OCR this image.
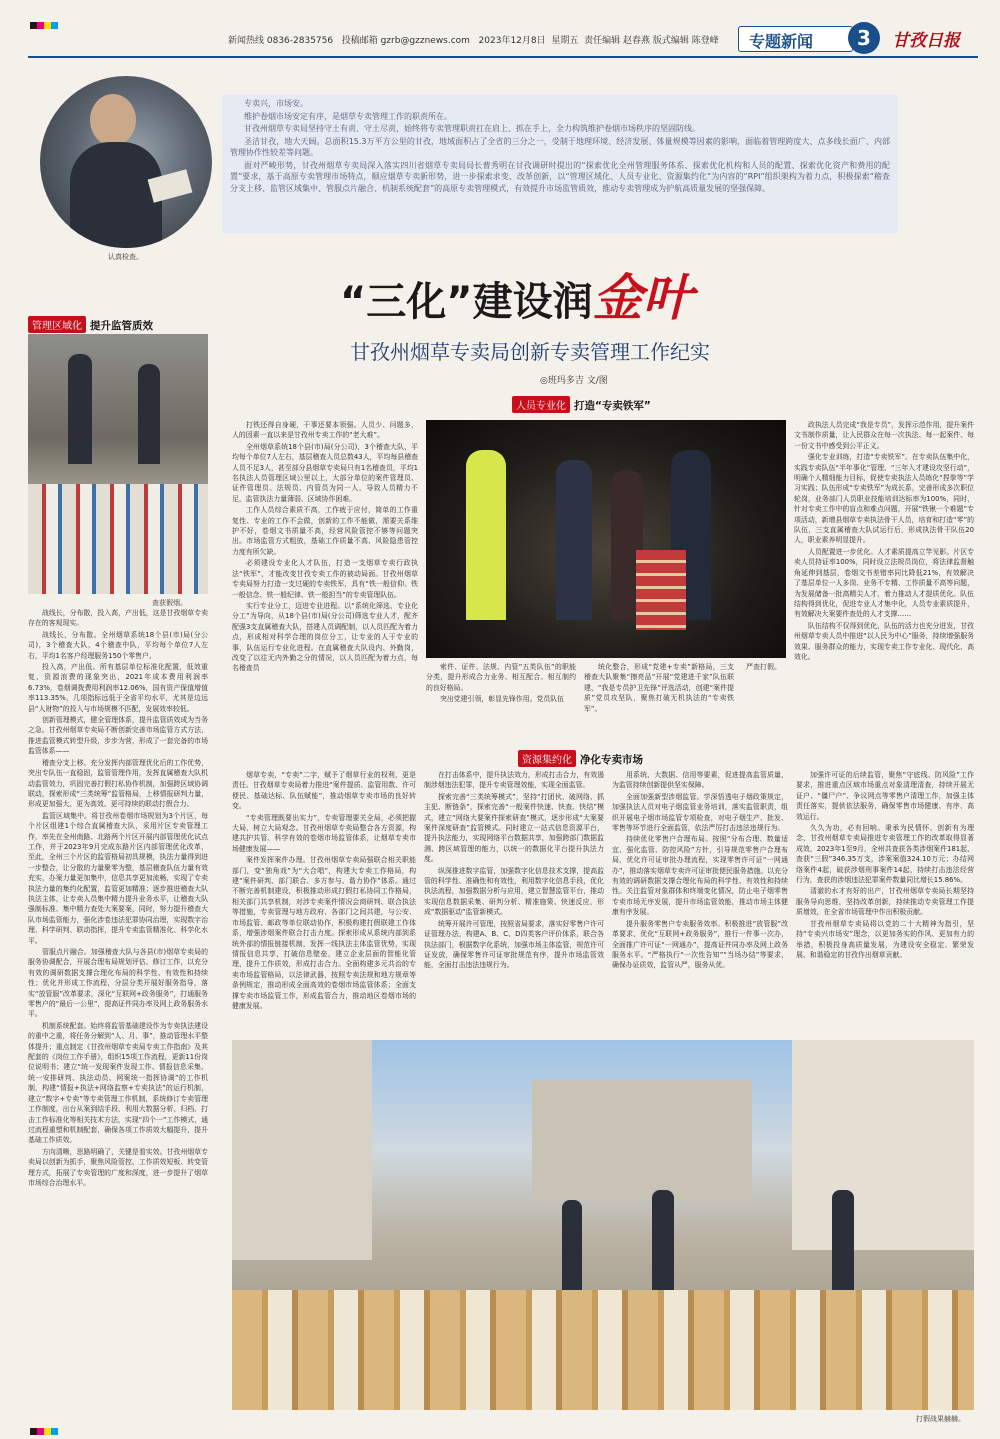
新闻热线 0836-2835756 投稿邮箱 gzrb@gzznews.com 2023年12月8日 星期五 责任编辑 赵春燕 版式编辑 陈登峰 专题新闻	3	甘孜日报
认真检查。

专卖兴，市场安。

维护卷烟市场安定有序，是烟草专卖管理工作的职责所在。

甘孜州烟草专卖局坚持守土有责、守土尽责，始终将专卖管理职责扛在肩上、抓在手上，全力构筑维护卷烟市场秩序的坚固防线。

圣洁甘孜，地大天阔。总面积15.3万平方公里的甘孜，地域面积占了全省的三分之一，受制于地理环境、经济发展、体量规模等因素的影响，面临着管理跨度大、点多线长面广、内部管理协作性较差等问题。

面对严峻形势，甘孜州烟草专卖局深入落实四川省烟草专卖局局长曹秀明在甘孜调研时提出的“探索优化全州管理服务体系、探索优化机构和人员的配置、探索优化资产和费用的配置”要求，基于高原专卖管理市场特点，顺应烟草专卖新形势，进一步探索求变、改革创新，以“管理区域化、人员专业化、资源集约化”为内容的“RPI”组织架构为着力点，积极探索“稽查分支上移、监管区域集中、管服点片融合、机制系统配套”的高原专卖管理模式，有效提升市场监管质效，推动专卖管理成为护航高质量发展的坚强保障。

“三化”建设润金叶
甘孜州烟草专卖局创新专卖管理工作纪实
◎班玛多吉 文/图
管理区域化 提升监管质效
查获假烟。

战线长，分布散，投入高，产出低，这是甘孜烟草专卖存在的客观现实。

战线长，分布散。全州烟草系统18个县(市)局(分公司)，3个稽查大队，4个稽查中队，平均每个单位7人左右，平均1名客户经理服务150个零售户。

投入高，产出低。所有基层单位标准化配置，低效重复、资源浪费的现象突出，2021年成本费用利润率6.73%，卷烟调拨费用利润率12.06%，国有资产保值增值率113.35%，几项指标远低于全省平均水平，尤其是边远县“人财物”的投入与市场规模不匹配，发展效率较低。

创新管理模式，健全管理体系，提升监管质效成为当务之急。甘孜州烟草专卖局不断创新完善市场监管方式方法，推进监管模式转型升级，步步为营，形成了一套完备的市场监管体系——

稽查分支上移。充分发挥内部管理优化后的工作优势，突出专队伍一直稳固，监管管理作用，发挥直属稽查大队机动监管效力，巩固完善打假打私协作机制，加强跨区域协调联动，探索形成“三类统筹”监管格局，上移情报研判力量，形成更加强大、更为高效、更可持续的联动打假合力。

监管区域集中。将甘孜州卷烟市场规划为3个片区，每个片区组建1个综合直属稽查大队，采用片区专卖管理工作，率先在全州南路、北路两个片区开展内部管理优化试点工作，并于2023年9月完成东路片区内部管理优化改革，至此，全州三个片区的监管格局初具规模，执法力量得到进一步整合，让分散的力量聚零为整，基层稽查队伍力量有效充实，办案力量更加集中，信息共享更加流畅，实现了专卖执法力量的集约化配置，监管更加精准；逐步推进稽查大队执法主体，让专卖人员集中精力提升业务水平，让稽查大队强制标准、集中精力查处大案要案，同时，努力提升稽查大队市场监管能力，强化涉卷违法犯罪协同治理，实现数字治理、科学研判、联动指挥，提升专卖监管精准化、科学化水平。

管服点片融合。加强稽查大队与各县(市)烟草专卖局的服务协调配合，开展合理布局规划评估、修订工作，以充分有效的调研数据支撑合理化布局的科学性、有效性和持续性；优化并形成工作流程，分层分类开展好服务指导，落实“放管服”改革要求，深化“互联网+政务服务”，打通服务零售户的“最后一公里”，提高证件同办率及网上政务服务水平。

机制系统配套。始终将监管基础建设作为专卖执法建设的重中之重，将任务分解到“人、月、事”，推动管理水平整体提升；重点制定《甘孜州烟草专卖局专卖工作指南》及其配套的《岗位工作手册》，组织15项工作流程，更新11份岗位说明书；建立“统一发现案件发现工作、情报信息采集、统一安排研判、执法动员、网案统一指挥协调”的工作机制，构建“情报+执法+网络监察+专卖执法”的运行机制，建立“数字+专卖”等专卖管理工作机制，系统修订专卖管理工作制度，出台从案到结手段、利用大数据分析、归档、打击工作标准化等相关技术方法，实现“四个一”工作模式，通过流程重塑和机制配套，确保各项工作质效大幅提升，提升基础工作质效。

方向清晰，思路明确了，关键是看实效。甘孜州烟草专卖局以创新为抓手，聚焦风险管控、工作质效短板、转变管理方式，拓展了专卖管理的广度和深度，进一步提升了烟草市场综合治理水平。

人员专业化 打造“专卖铁军”

打铁还得自身硬，干事还要本领强。人员少、问题多，人的因素一直以来是甘孜州专卖工作的“老大难”。

全州烟草系统18个县(市)局(分公司)，3个稽查大队，平均每个单位7人左右，基层稽查人员总数43人，平均每县稽查人员不足3人，甚至部分县烟草专卖局只有1名稽查员，平均1名执法人员管理区域公里以上，大部分单位的案件管理员、证件管理员、法规员、内管员为同一人，导致人员精力不足，监管执法力量薄弱、区域协作困难。

工作人员综合素质不高，工作疲于应付，简单的工作重复性、专业的工作不会做，创新的工作不能做，需要关系维护不好，卷烟文书质量不高，经营风险管控不够等问题突出。市场监管方式粗放，基础工作质量不高、风险隐患管控力度有所欠缺。

必须建设专业化人才队伍，打造一支烟草专卖行政执法“铁军”，才能改变甘孜专卖工作的被动局面。甘孜州烟草专卖局努力打造一支过硬的专卖铁军，具有“铁一般信仰、铁一般信念、铁一般纪律、铁一般担当”的专卖管理队伍。

实行专业分工，迈进专业进程。以“系统化筛选、专业化分工”为导向，从18个县(市)局(分公司)筛选专业人才，配齐配强3支直属稽查大队，搭建人员调配制，以人员匹配为着力点，形成相对科学合理的岗位分工，让专业的人干专业的事，队伍运行专业化进程。在直属稽查大队设内、外勤岗，改变了以往无内外勤之分的情况，以人员匹配为着力点，每名稽查员	严查打假。

索件、证件、法规、内管”五类队伍”的职能分类，提升形成合力业务、相互配合、相互制约的良好格局。

突出党建引领，彰显先锋作用。党员队伍

统化整合，形成“党建+专卖”新格局，三支稽查大队聚集“擦亮品”开展“党建进千家”队伍联建，“我是专员护卫先锋”评选活动，创建“案件提质”党员攻坚队，聚焦打破无机执法的“专卖铁军”。

政执法人员完成“我是专员”，发挥示范作用，提升案件文书制作质量，让人民群众在每一次执法、每一起案件、每一份文书中感受到公平正义。

强化专业训练，打造“专卖铁军”。在专卖队伍集中化，实践专卖队伍“半年事化”管理、“三年入才建设攻坚行动”，明确个人精细能力目标，促使专卖执法人员练化“捏拳等”学习实践；队伍形成“专卖铁军”为成长系，完善形成多次职位轮岗，业务部门人员职业技能培训达标率为100%，同时，针对专卖工作中的盲点和难点问题，开展“铁锹一个难题”专项活动，新增县烟草专卖执法骨干人员，培育和打造“零”的队伍，三支直属稽查大队试运行后，形成执法骨干队伍20人，职业素养明显提升。

人员配置进一步优化。人才素质提高立竿见影。片区专卖人员持证率100%，同时设立法规员岗位，将法律监督触角延伸到基层，卷烟文书差错率同比降低21%，有效解决了基层单位一人多岗、业务不专精、工作质量不高等问题，为发展储备一批高精尖人才，着力推动人才提质优化。队伍结构得到优化，促进专业人才集中化，人员专业素质提升，有效解决大案要件查处的人才支撑……

队伍结构不仅得到优化，队伍的活力也充分迸发，甘孜州烟草专卖人员中推进“以人民为中心”服务，持续增强服务效果、服务群众的能力，实现专卖工作专业化、现代化、高效化。

资源集约化 净化专卖市场

烟草专卖，“专卖”二字，赋予了烟草行业的权利，更是责任。甘孜烟草专卖局着力推进“案件提质、监管用数、许可便民、基础达标、队伍赋能”，推动烟草专卖市场的良好转变。

“专卖管理既要出实力”，专卖管理要关全局，必须把握大局，树立大局观念。甘孜州烟草专卖局整合各方资源，构建共护共管、科学有效的卷烟市场监管体系，让烟草专卖市场健康发展——

案件发挥案件办理。甘孜州烟草专卖局强联合相关职能部门，变“独角戏”为“大合唱”，构建大专卖工作格局，构建“案件研判、部门联合、多方参与、谐力协作”体系。通过不断完善机制建设，积极推动形成打假打私协同工作格局，相关部门共享机制，对涉专卖案件情况会商研判、联合执法等措施，专卖管理与地方政府、各部门之间共建，与公安、市场监管、邮政等单位联动协作，积极构建打假联建工作体系，增强涉烟案件联合打击力度。探索形成从系统内部到系统外部的情报链接机制，发挥一线执法主体监管优势，实现情报信息共享，打破信息壁垒，建立企业层面的智能化管理，提升工作质效，形成打击合力。全面构建多元共治的专卖市场监管格局，以法律武器，按照专卖法规和地方规章等条例规定，推动形成全面高效的卷烟市场监管体系；全面支撑专卖市场监管工作，形成监管合力，推动地区卷烟市场的健康发展。

在打击体系中，提升执法效力，形成打击合力，有效遏制涉烟违法犯罪，提升专卖管理效能，实现全面监管。

探索完善“三类统筹模式”，坚持“打团伙、破网络、抓主犯、断链条”，探索完善“一般案件快速、快查、快结”模式，建立“网络大要案件探索研查”模式，逐步形成“大案要案件深度研查”监管模式。同时建立一站式信息资源平台，提升执法能力，实现网络平台数据共享，加强跨部门数据监测、跨区域管理的能力，以统一的数据化平台提升执法力度。

纵深推进数字监管，加强数字化信息技术支撑，提高监管的科学性、准确性和有效性，利用数字化信息手段，优化执法流程，加强数据分析与应用，建立智慧监管平台，推动实现信息数据采集、研判分析、精准施策、快速反应，形成“数据驱动”监管新模式。

统筹开展许可管理，按照省局要求，落实好零售户许可证管理办法，构建A、B、C、D四类客户评价体系，联合各执法部门，根据数字化系统，加强市场主体监管，规范许可证发放，确保零售许可证审批规范有序，提升市场监管效能，全面打击违法违规行为。

用系统、大数据、信用等要素，促进提高监管质量，为监管持续创新提供坚实保障。

全面加强新型涉烟监管。学深悟透电子烟政策规定，加强执法人员对电子烟监管业务培训，落实监管职责，组织开展电子烟市场监管专项检查，对电子烟生产、批发、零售等环节进行全面监管，依法严厉打击违法违规行为。

持续优化零售户合理布局。按照“分布合理、数量适宜、强化监管、防控风险”方针，引导规范零售户合理布局，优化许可证审批办理流程，实现零售许可证“一网通办”，推动落实烟草专卖许可证审批便民服务措施。以充分有效的调研数据支撑合理化布局的科学性、有效性和持续性。关注监管对象群体和终端变化情况，防止电子烟零售专卖市场无序发展，提升市场监管效能，推动市场主体健康有序发展。

提升服务零售户专卖服务效率。积极推进“放管服”改革要求，优化“互联网+政务服务”，推行一件事一次办，全面推广许可证“一网通办”，提高证件同办率及网上政务服务水平。“严格执行“一次性告知”“当场办结”等要求，确保办证质效，监管从严，服务从优。

加强许可证的后续监管，聚焦“守底线、防风险”工作要求，推进重点区域市场重点对象清理清查，持续开展无证户、“僵尸户”、争议网点等零售户清理工作，加强主体责任落实，提供依法服务，确保零售市场健康、有序、高效运行。

久久为功，必有回响。秉承为民情怀、创新有为理念，甘孜州烟草专卖局推进专卖管理工作的改革取得显著成效，2023年1至9月，全州共查获各类涉烟案件181起，查获“三假”346.35万支，涉案案值324.10万元；办结网络案件4起，破获涉烟刑事案件14起，持续打击违法经营行为，查获的涉烟违法犯罪案件数量同比增长15.86%。

清澈的水才有好的出产，甘孜州烟草专卖局长期坚持服务导向思维，坚持改革创新，持续推动专卖管理工作提质增效，在全省市场管理中作出积极贡献。

甘孜州烟草专卖局将以党的二十大精神为指引，坚持“专卖兴市场安”理念，以更加务实的作风、更加有力的举措，积极投身高质量发展，为建设安全稳定、繁荣发展、和谐稳定的甘孜作出烟草贡献。

打假战果赫赫。
